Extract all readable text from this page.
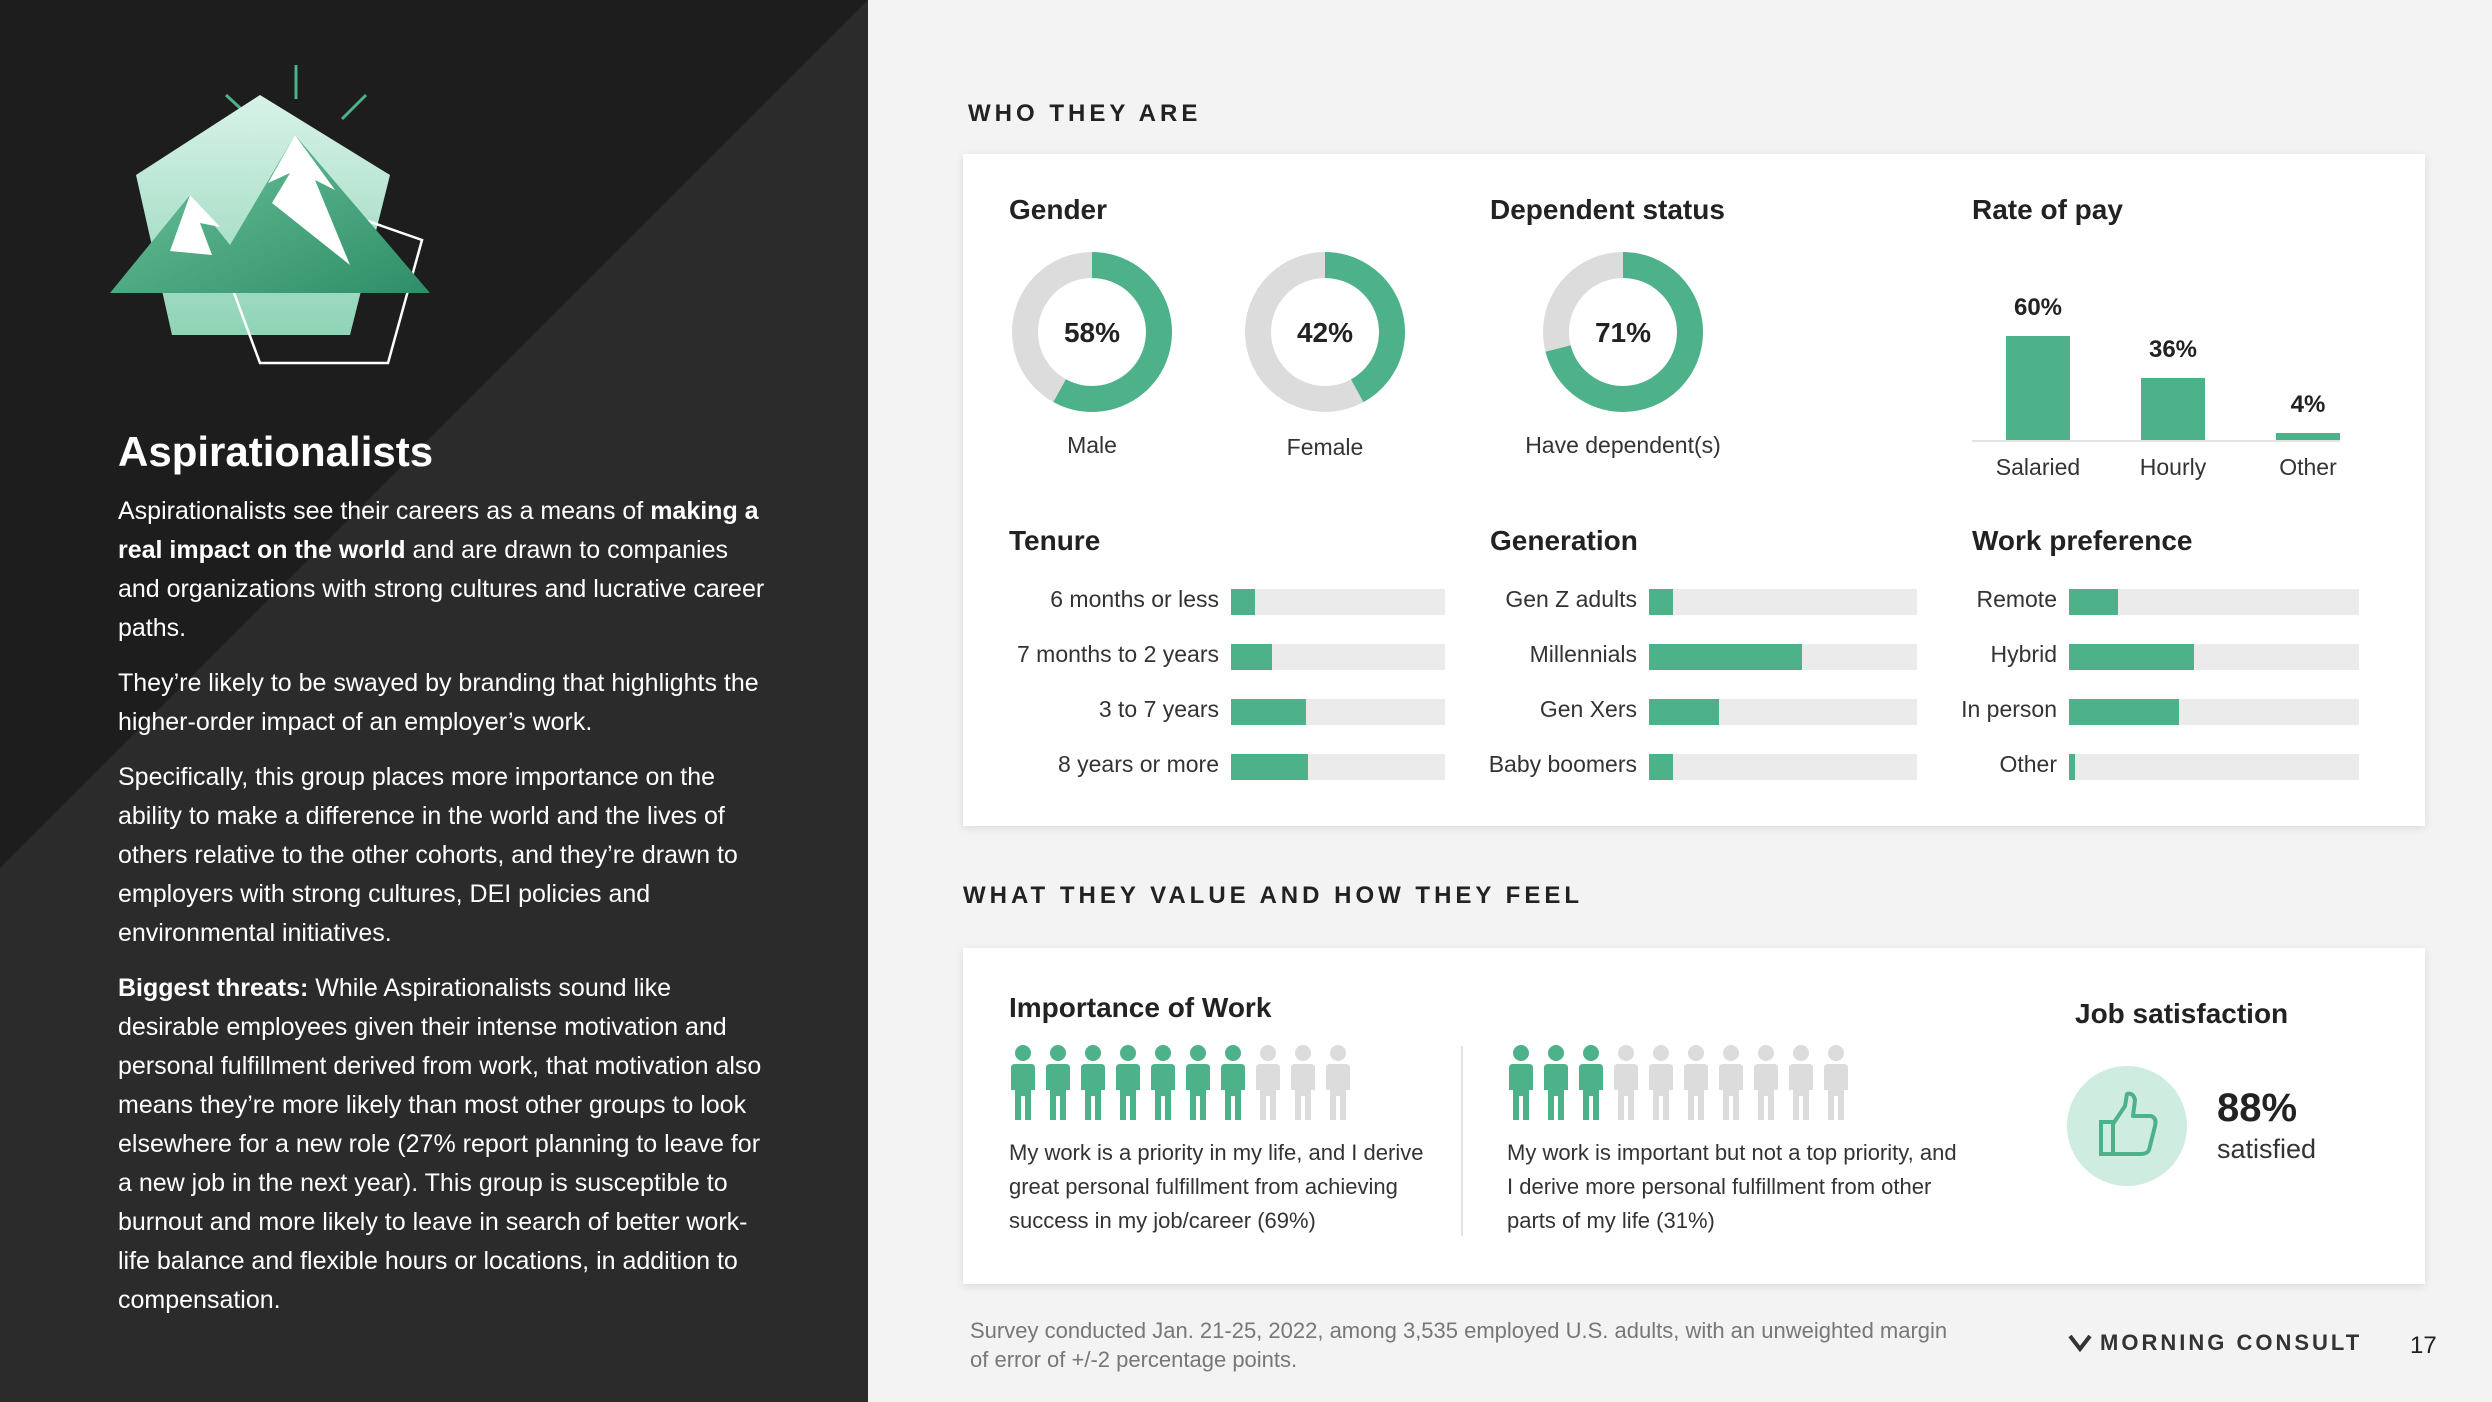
Aspirationalists

Aspirationalists see their careers as a means of making a real impact on the world and are drawn to companies and organizations with strong cultures and lucrative career paths.

They’re likely to be swayed by branding that highlights the higher-order impact of an employer’s work.

Specifically, this group places more importance on the ability to make a difference in the world and the lives of others relative to the other cohorts, and they’re drawn to employers with strong cultures, DEI policies and environmental initiatives.

Biggest threats: While Aspirationalists sound like desirable employees given their intense motivation and personal fulfillment derived from work, that motivation also means they’re more likely than most other groups to look elsewhere for a new role (27% report planning to leave for a new job in the next year). This group is susceptible to burnout and more likely to leave in search of better work-life balance and flexible hours or locations, in addition to compensation.

WHO THEY ARE
Gender	Dependent status	Rate of pay
58%
Male
42%
Female
71%
Have dependent(s)
60%
Salaried
36%
Hourly
4%
Other
Tenure	Generation	Work preference
6 months or less
7 months to 2 years
3 to 7 years
8 years or more
Gen Z adults
Millennials
Gen Xers
Baby boomers
Remote
Hybrid
In person
Other
WHAT THEY VALUE AND HOW THEY FEEL
Importance of Work

My work is a priority in my life, and I derive great personal fulfillment from achieving success in my job/career (69%)

My work is important but not a top priority, and I derive more personal fulfillment from other parts of my life (31%)

Job satisfaction
88%
satisfied

Survey conducted Jan. 21-25, 2022, among 3,535 employed U.S. adults, with an unweighted margin of error of +/-2 percentage points.

MORNING CONSULT 17
